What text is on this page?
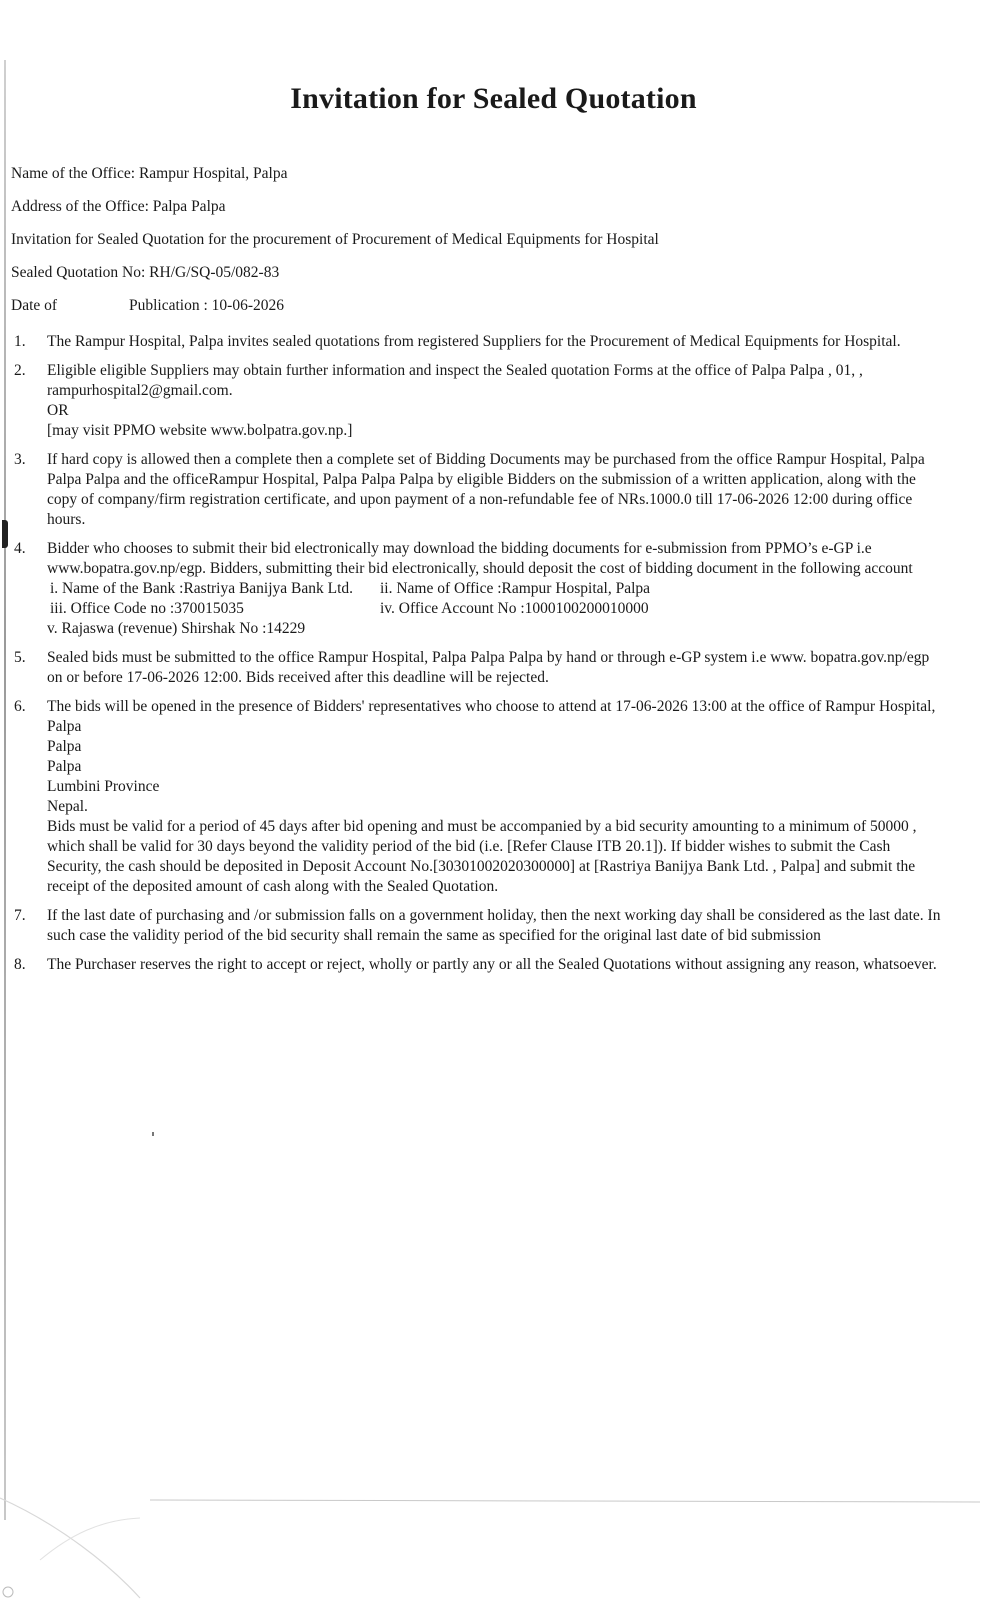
Invitation for Sealed Quotation
Name of the Office: Rampur Hospital, Palpa
Address of the Office: Palpa Palpa
Invitation for Sealed Quotation for the procurement of Procurement of Medical Equipments for Hospital
Sealed Quotation No: RH/G/SQ-05/082-83
Date of	Publication : 10-06-2026
1.	The Rampur Hospital, Palpa invites sealed quotations from registered Suppliers for the Procurement of Medical Equipments for Hospital.
2.	Eligible eligible Suppliers may obtain further information and inspect the Sealed quotation Forms at the office of Palpa Palpa , 01, , rampurhospital2@gmail.com.
OR
[may visit PPMO website www.bolpatra.gov.np.]
3.	If hard copy is allowed then a complete then a complete set of Bidding Documents may be purchased from the office Rampur Hospital, Palpa Palpa Palpa and the officeRampur Hospital, Palpa Palpa Palpa by eligible Bidders on the submission of a written application, along with the copy of company/firm registration certificate, and upon payment of a non-refundable fee of NRs.1000.0 till 17-06-2026 12:00 during office hours.
4.	Bidder who chooses to submit their bid electronically may download the bidding documents for e-submission from PPMO’s e-GP i.e www.bopatra.gov.np/egp. Bidders, submitting their bid electronically, should deposit the cost of bidding document in the following account
i. Name of the Bank :Rastriya Banijya Bank Ltd.	ii. Name of Office :Rampur Hospital, Palpa
iii. Office Code no :370015035	iv. Office Account No :1000100200010000
v. Rajaswa (revenue) Shirshak No :14229
5.	Sealed bids must be submitted to the office Rampur Hospital, Palpa Palpa Palpa by hand or through e-GP system i.e www. bopatra.gov.np/egp on or before 17-06-2026 12:00. Bids received after this deadline will be rejected.
6.	The bids will be opened in the presence of Bidders' representatives who choose to attend at 17-06-2026 13:00 at the office of Rampur Hospital, Palpa
Palpa
Palpa
Lumbini Province
Nepal.
Bids must be valid for a period of 45 days after bid opening and must be accompanied by a bid security amounting to a minimum of 50000 , which shall be valid for 30 days beyond the validity period of the bid (i.e. [Refer Clause ITB 20.1]). If bidder wishes to submit the Cash Security, the cash should be deposited in Deposit Account No.[30301002020300000] at [Rastriya Banijya Bank Ltd. , Palpa] and submit the receipt of the deposited amount of cash along with the Sealed Quotation.
7.	If the last date of purchasing and /or submission falls on a government holiday, then the next working day shall be considered as the last date. In such case the validity period of the bid security shall remain the same as specified for the original last date of bid submission
8.	The Purchaser reserves the right to accept or reject, wholly or partly any or all the Sealed Quotations without assigning any reason, whatsoever.
